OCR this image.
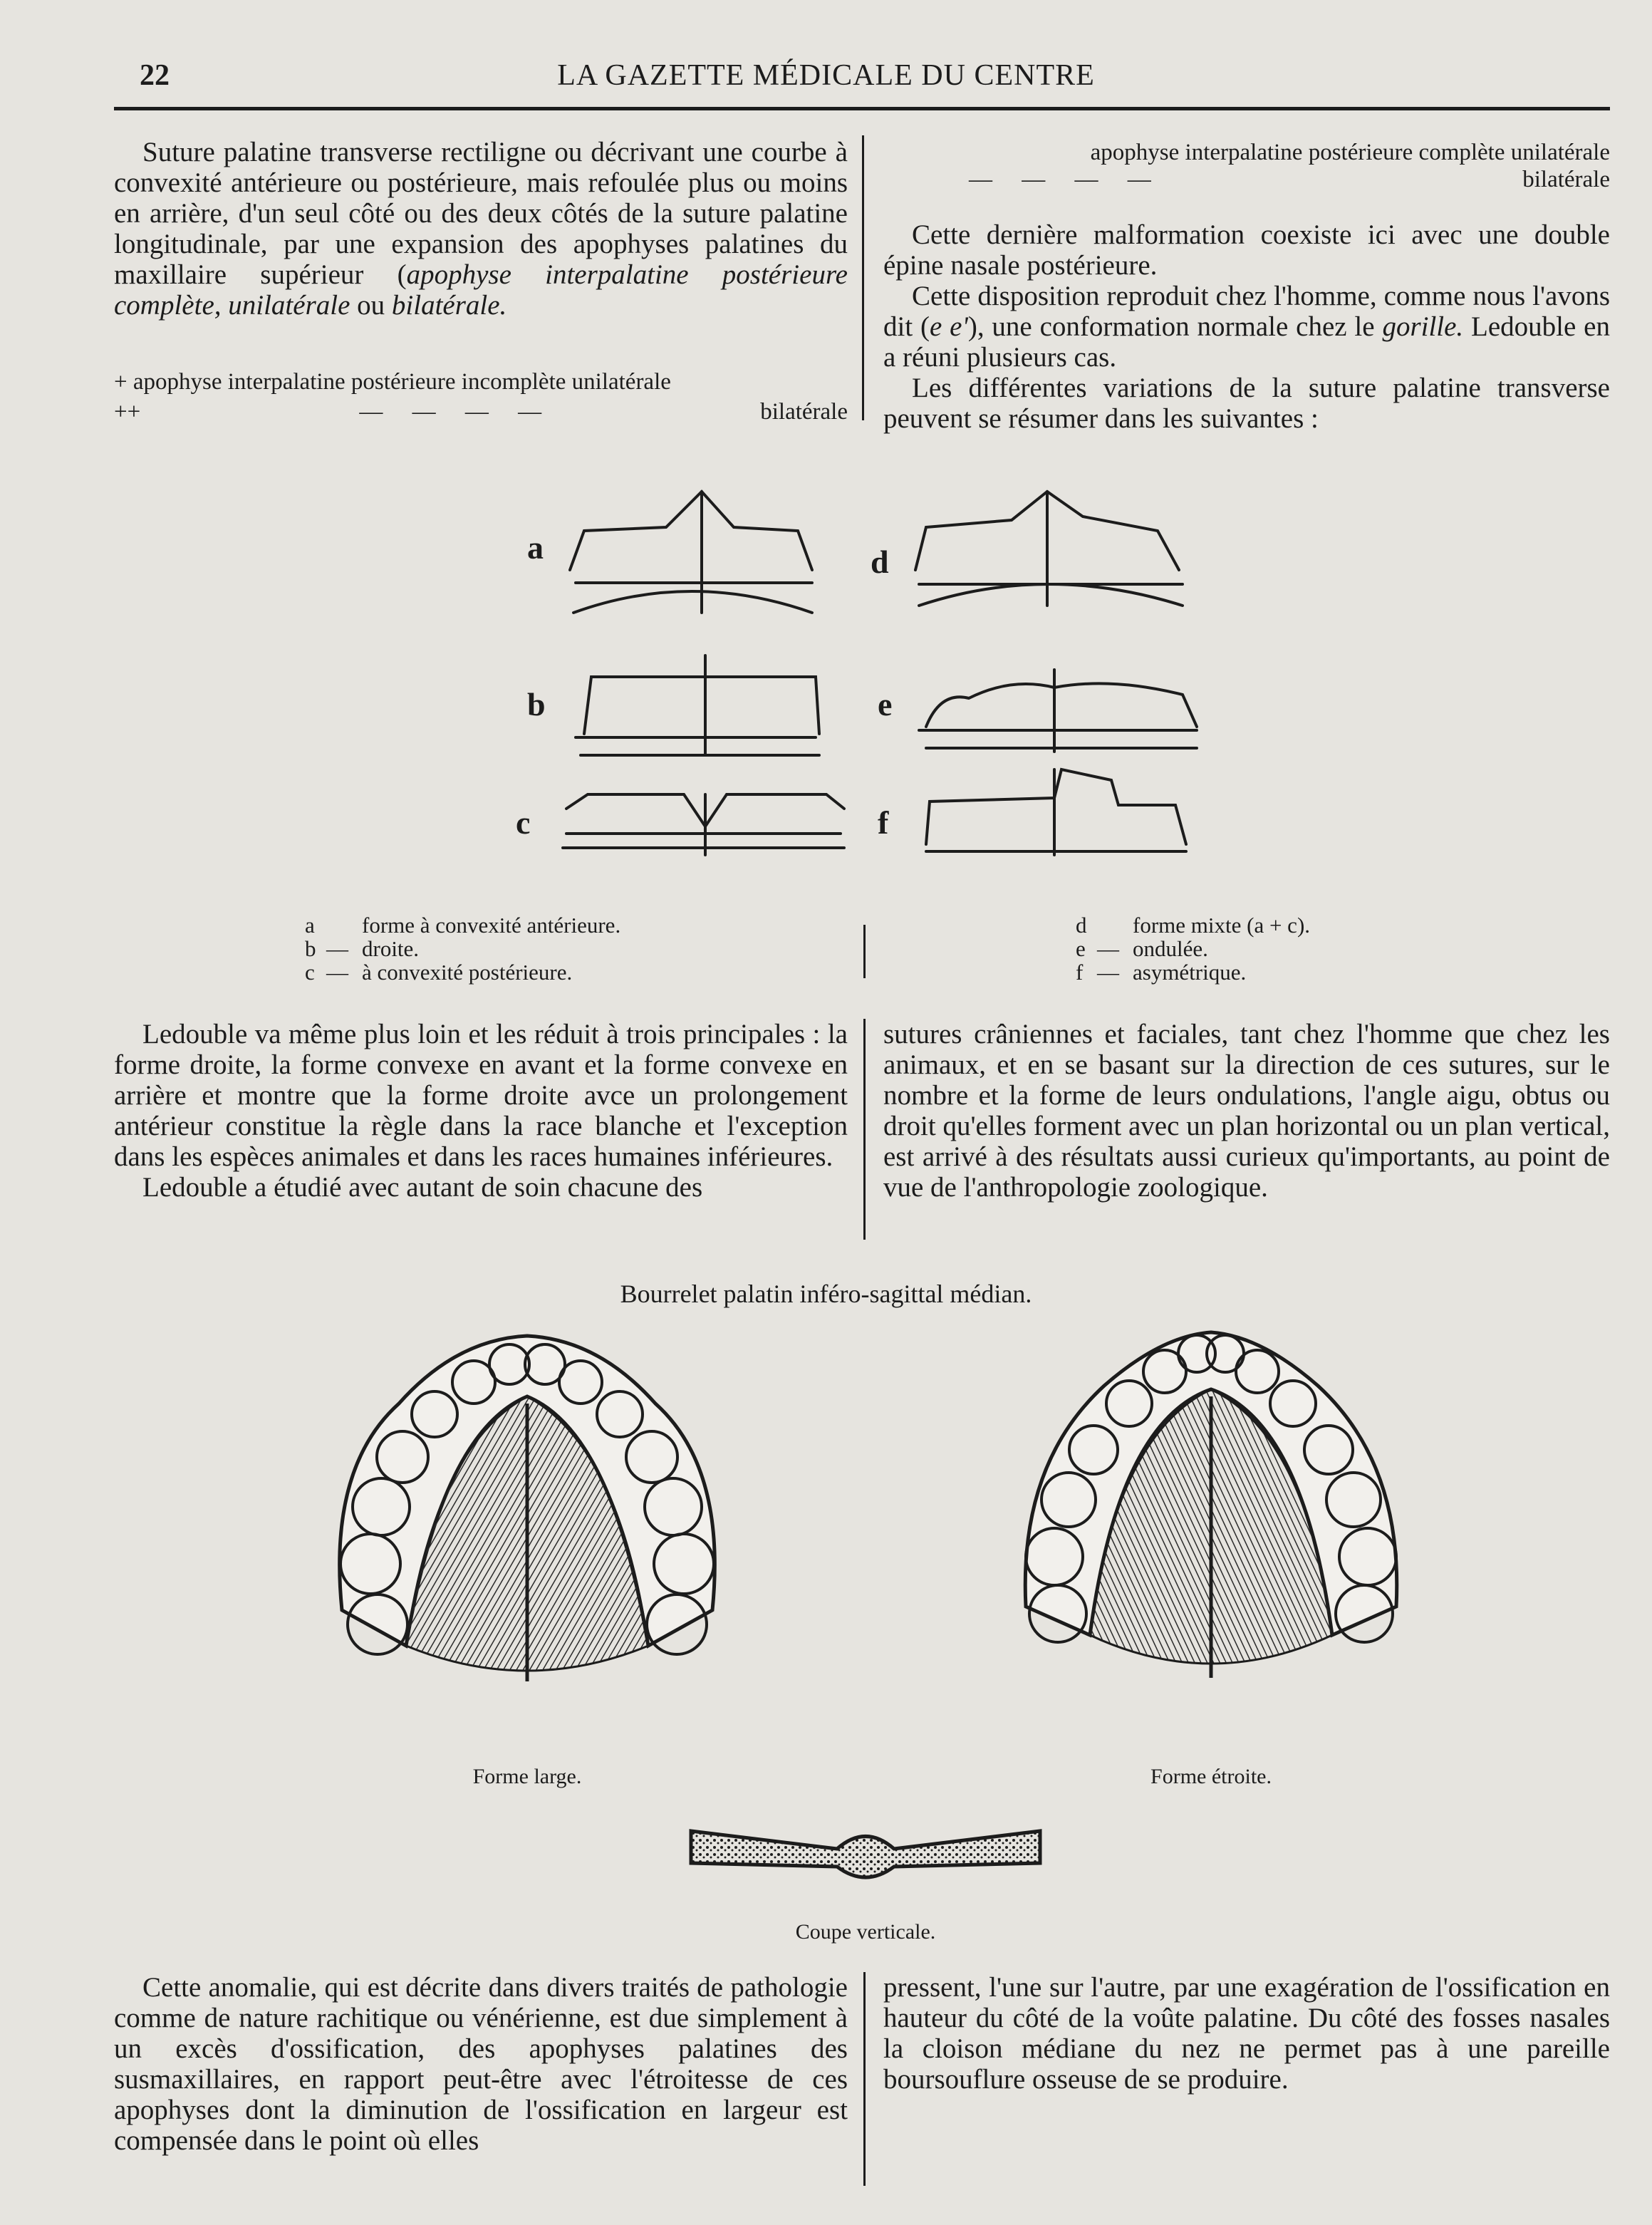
22	LA GAZETTE MÉDICALE DU CENTRE

Suture palatine transverse rectiligne ou décrivant une courbe à convexité antérieure ou postérieure, mais refoulée plus ou moins en arrière, d'un seul côté ou des deux côtés de la suture palatine longitudinale, par une expansion des apophyses palatines du maxillaire supérieur (apophyse interpalatine postérieure complète, unilatérale ou bilatérale.

+ apophyse interpalatine postérieure incomplète unilatérale
++	—     —     —     —	bilatérale
apophyse interpalatine postérieure complète unilatérale
—     —     —     —	bilatérale

Cette dernière malformation coexiste ici avec une double épine nasale postérieure.

Cette disposition reproduit chez l'homme, comme nous l'avons dit (e e'), une conformation normale chez le gorille. Ledouble en a réuni plusieurs cas.

Les différentes variations de la suture palatine transverse peuvent se résumer dans les suivantes :

a
b
c
d
e
f
a	forme à convexité antérieure.
b — droite.
c — à convexité postérieure.
d	forme mixte (a + c).
e — ondulée.
f — asymétrique.

Ledouble va même plus loin et les réduit à trois principales : la forme droite, la forme convexe en avant et la forme convexe en arrière et montre que la forme droite avce un prolongement antérieur constitue la règle dans la race blanche et l'exception dans les espèces animales et dans les races humaines inférieures.

Ledouble a étudié avec autant de soin chacune des

sutures crâniennes et faciales, tant chez l'homme que chez les animaux, et en se basant sur la direction de ces sutures, sur le nombre et la forme de leurs ondulations, l'angle aigu, obtus ou droit qu'elles forment avec un plan horizontal ou un plan vertical, est arrivé à des résultats aussi curieux qu'importants, au point de vue de l'anthropologie zoologique.

Bourrelet palatin inféro-sagittal médian.
Forme large.	Forme étroite.
Coupe verticale.

Cette anomalie, qui est décrite dans divers traités de pathologie comme de nature rachitique ou vénérienne, est due simplement à un excès d'ossification, des apophyses palatines des susmaxillaires, en rapport peut-être avec l'étroitesse de ces apophyses dont la diminution de l'ossification en largeur est compensée dans le point où elles

pressent, l'une sur l'autre, par une exagération de l'ossification en hauteur du côté de la voûte palatine. Du côté des fosses nasales la cloison médiane du nez ne permet pas à une pareille boursouflure osseuse de se produire.
